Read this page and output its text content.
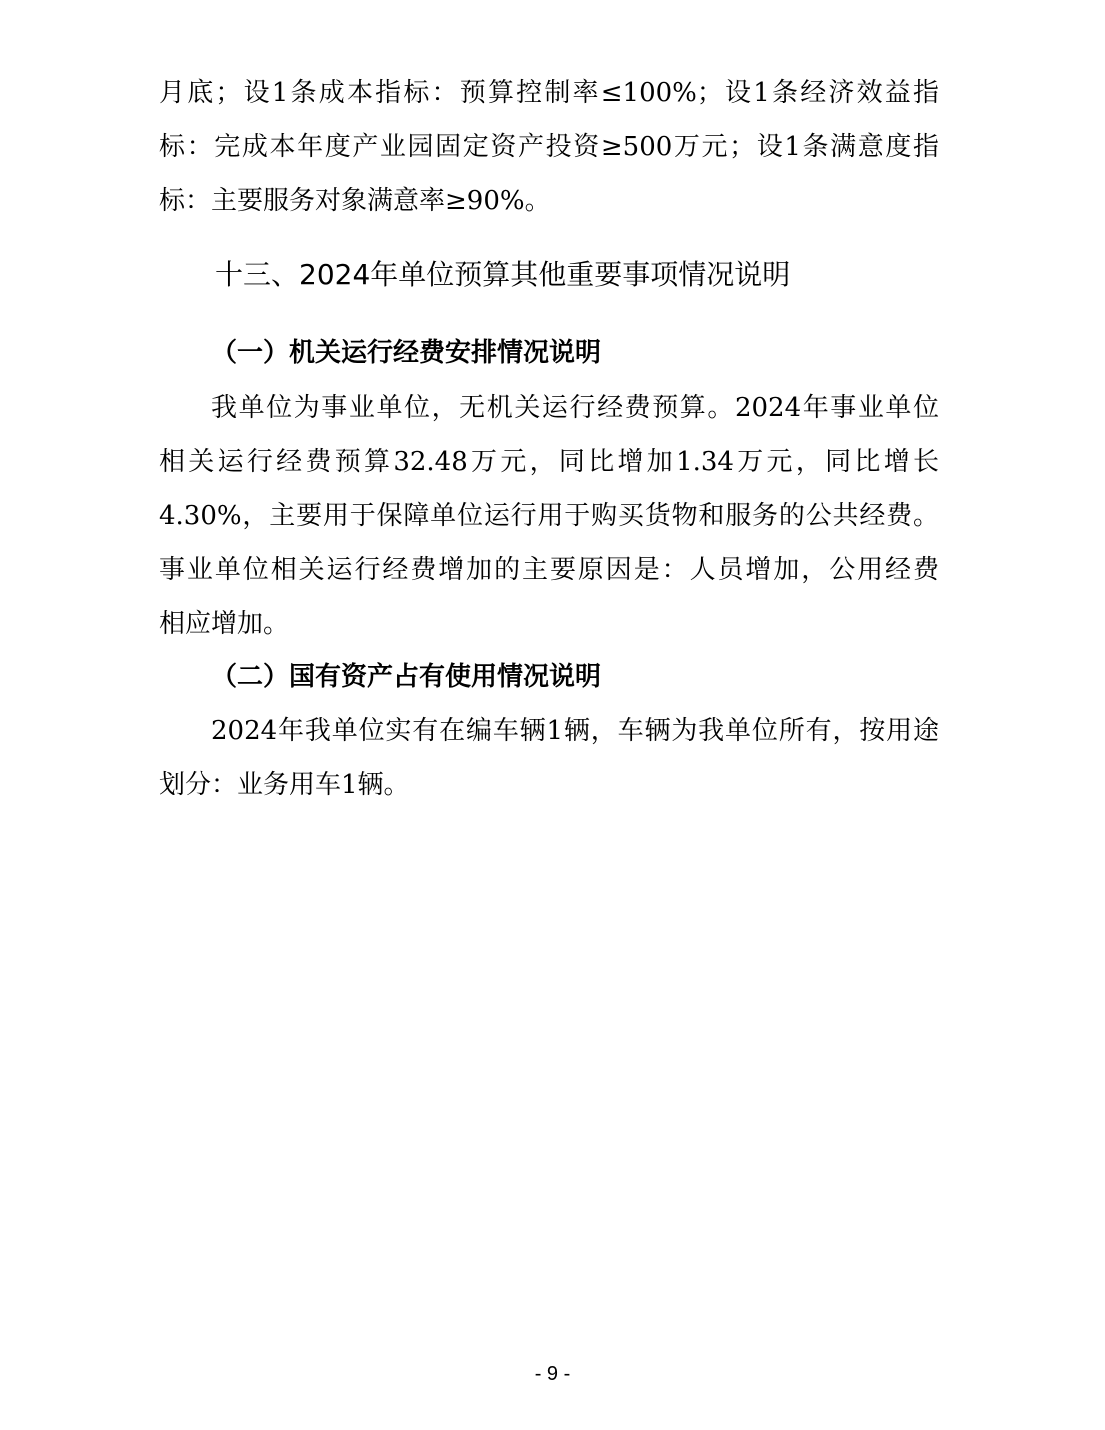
月底；设1条成本指标：预算控制率≤100%；设1条经济效益指
标：完成本年度产业园固定资产投资≥500万元；设1条满意度指
标：主要服务对象满意率≥90%。
十三、2024年单位预算其他重要事项情况说明
（一）机关运行经费安排情况说明
我单位为事业单位，无机关运行经费预算。2024年事业单位
相关运行经费预算32.48万元，同比增加1.34万元，同比增长
4.30%，主要用于保障单位运行用于购买货物和服务的公共经费。
事业单位相关运行经费增加的主要原因是：人员增加，公用经费
相应增加。
（二）国有资产占有使用情况说明
2024年我单位实有在编车辆1辆，车辆为我单位所有，按用途
划分：业务用车1辆。
- 9 -
